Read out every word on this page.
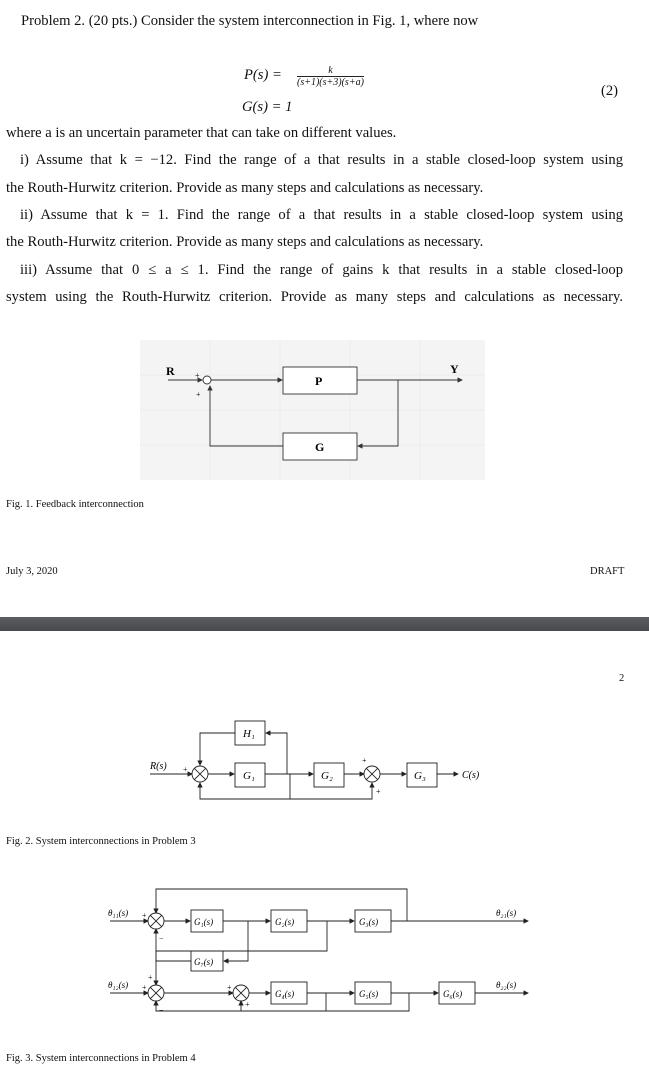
Problem 2. (20 pts.) Consider the system interconnection in Fig. 1, where now
$P(s) = \frac{k}{(s+1)(s+3)(s+a)}$
G(s) = 1
(2)
where a is an uncertain parameter that can take on different values.
i) Assume that k = −12. Find the range of a that results in a stable closed-loop system using
the Routh-Hurwitz criterion. Provide as many steps and calculations as necessary.
ii) Assume that k = 1. Find the range of a that results in a stable closed-loop system using
the Routh-Hurwitz criterion. Provide as many steps and calculations as necessary.
iii) Assume that 0 ≤ a ≤ 1. Find the range of gains k that results in a stable closed-loop
system using the Routh-Hurwitz criterion. Provide as many steps and calculations as necessary.
R	Y
P
G
+
+
Fig. 1. Feedback interconnection
July 3, 2020	DRAFT
2
R(s)
H₁
G₁	G₂	G₃	C(s)
+
+
+
Fig. 2. System interconnections in Problem 3
θ₁₁(s)
θ₁₂(s)
θ₂₁(s)
θ₂₂(s)
G₁(s)	G₂(s)	G₃(s)
G₇(s)
G₄(s)	G₅(s)	G₆(s)
+
+
+
+
+
−
−
Fig. 3. System interconnections in Problem 4
